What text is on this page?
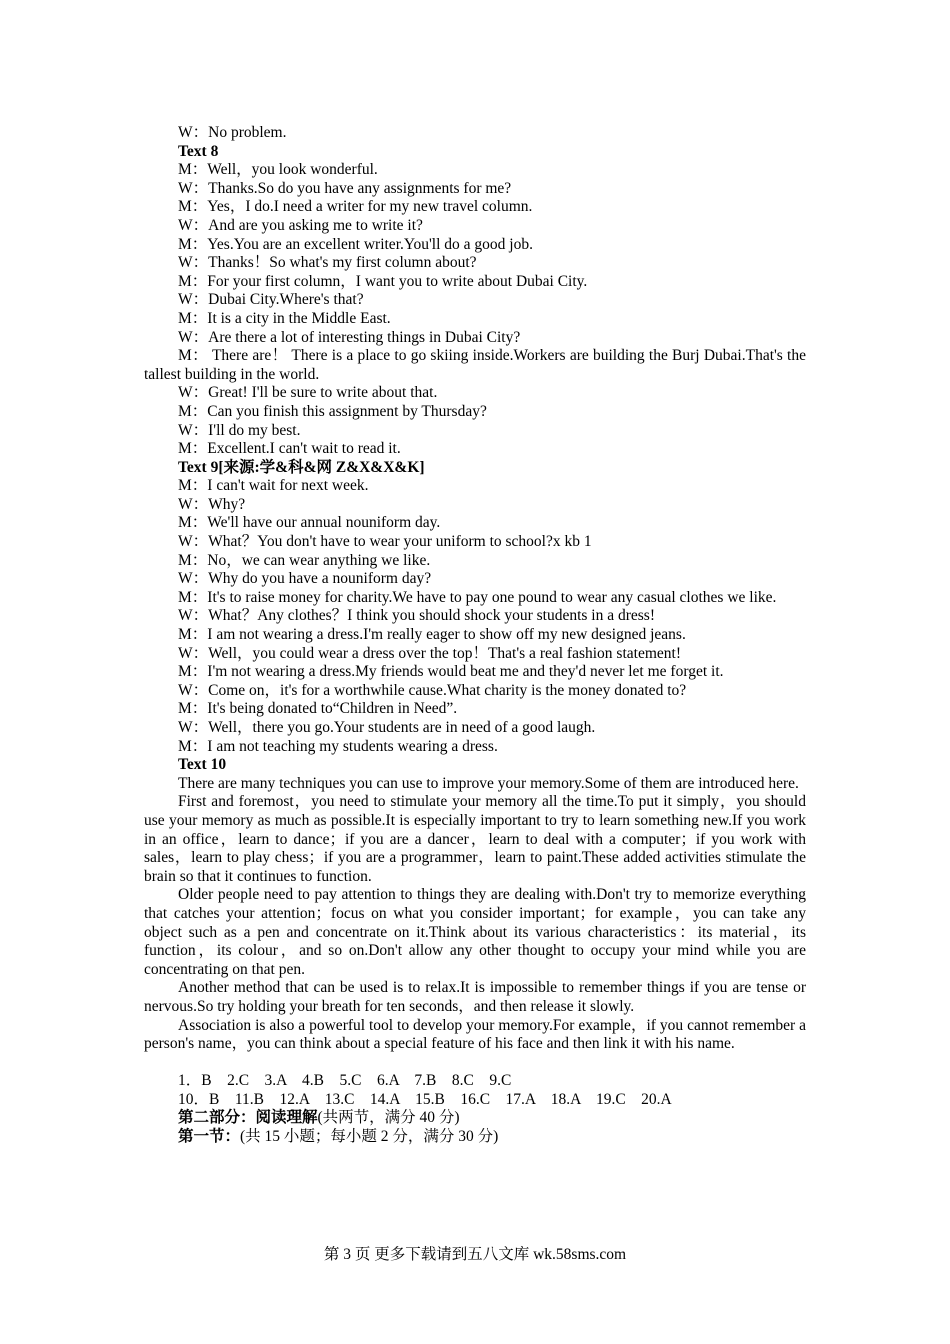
W：No problem.

Text 8

M：Well，you look wonderful.

W：Thanks.So do you have any assignments for me?

M：Yes，I do.I need a writer for my new travel column.

W：And are you asking me to write it?

M：Yes.You are an excellent writer.You'll do a good job.

W：Thanks！So what's my first column about?

M：For your first column，I want you to write about Dubai City.

W：Dubai City.Where's that?

M：It is a city in the Middle East.

W：Are there a lot of interesting things in Dubai City?

M： There are！ There is a place to go skiing inside.Workers are building the Burj Dubai.That's the tallest building in the world.

W：Great! I'll be sure to write about that.

M：Can you finish this assignment by Thursday?

W：I'll do my best.

M：Excellent.I can't wait to read it.

Text 9[来源:学&科&网 Z&X&X&K]

M：I can't wait for next week.

W：Why?

M：We'll have our annual nouniform day.

W：What？You don't have to wear your uniform to school?x kb 1

M：No，we can wear anything we like.

W：Why do you have a nouniform day?

M：It's to raise money for charity.We have to pay one pound to wear any casual clothes we like.

W：What？Any clothes？I think you should shock your students in a dress!

M：I am not wearing a dress.I'm really eager to show off my new designed jeans.

W：Well，you could wear a dress over the top！That's a real fashion statement!

M：I'm not wearing a dress.My friends would beat me and they'd never let me forget it.

W：Come on，it's for a worthwhile cause.What charity is the money donated to?

M：It's being donated to“Children in Need”.

W：Well，there you go.Your students are in need of a good laugh.

M：I am not teaching my students wearing a dress.

Text 10

There are many techniques you can use to improve your memory.Some of them are introduced here.

First and foremost，you need to stimulate your memory all the time.To put it simply，you should use your memory as much as possible.It is especially important to try to learn something new.If you work in an office，learn to dance；if you are a dancer，learn to deal with a computer；if you work with sales，learn to play chess；if you are a programmer，learn to paint.These added activities stimulate the brain so that it continues to function.

Older people need to pay attention to things they are dealing with.Don't try to memorize everything that catches your attention；focus on what you consider important；for example，you can take any object such as a pen and concentrate on it.Think about its various characteristics：its material，its function，its colour，and so on.Don't allow any other thought to occupy your mind while you are concentrating on that pen.

Another method that can be used is to relax.It is impossible to remember things if you are tense or nervous.So try holding your breath for ten seconds，and then release it slowly.

Association is also a powerful tool to develop your memory.For example，if you cannot remember a person's name，you can think about a special feature of his face and then link it with his name.

1．B    2.C    3.A    4.B    5.C    6.A    7.B    8.C    9.C

10．B    11.B    12.A    13.C    14.A    15.B    16.C    17.A    18.A    19.C    20.A

第二部分：阅读理解(共两节，满分 40 分)

第一节：(共 15 小题；每小题 2 分，满分 30 分)

第 3 页 更多下载请到五八文库 wk.58sms.com
